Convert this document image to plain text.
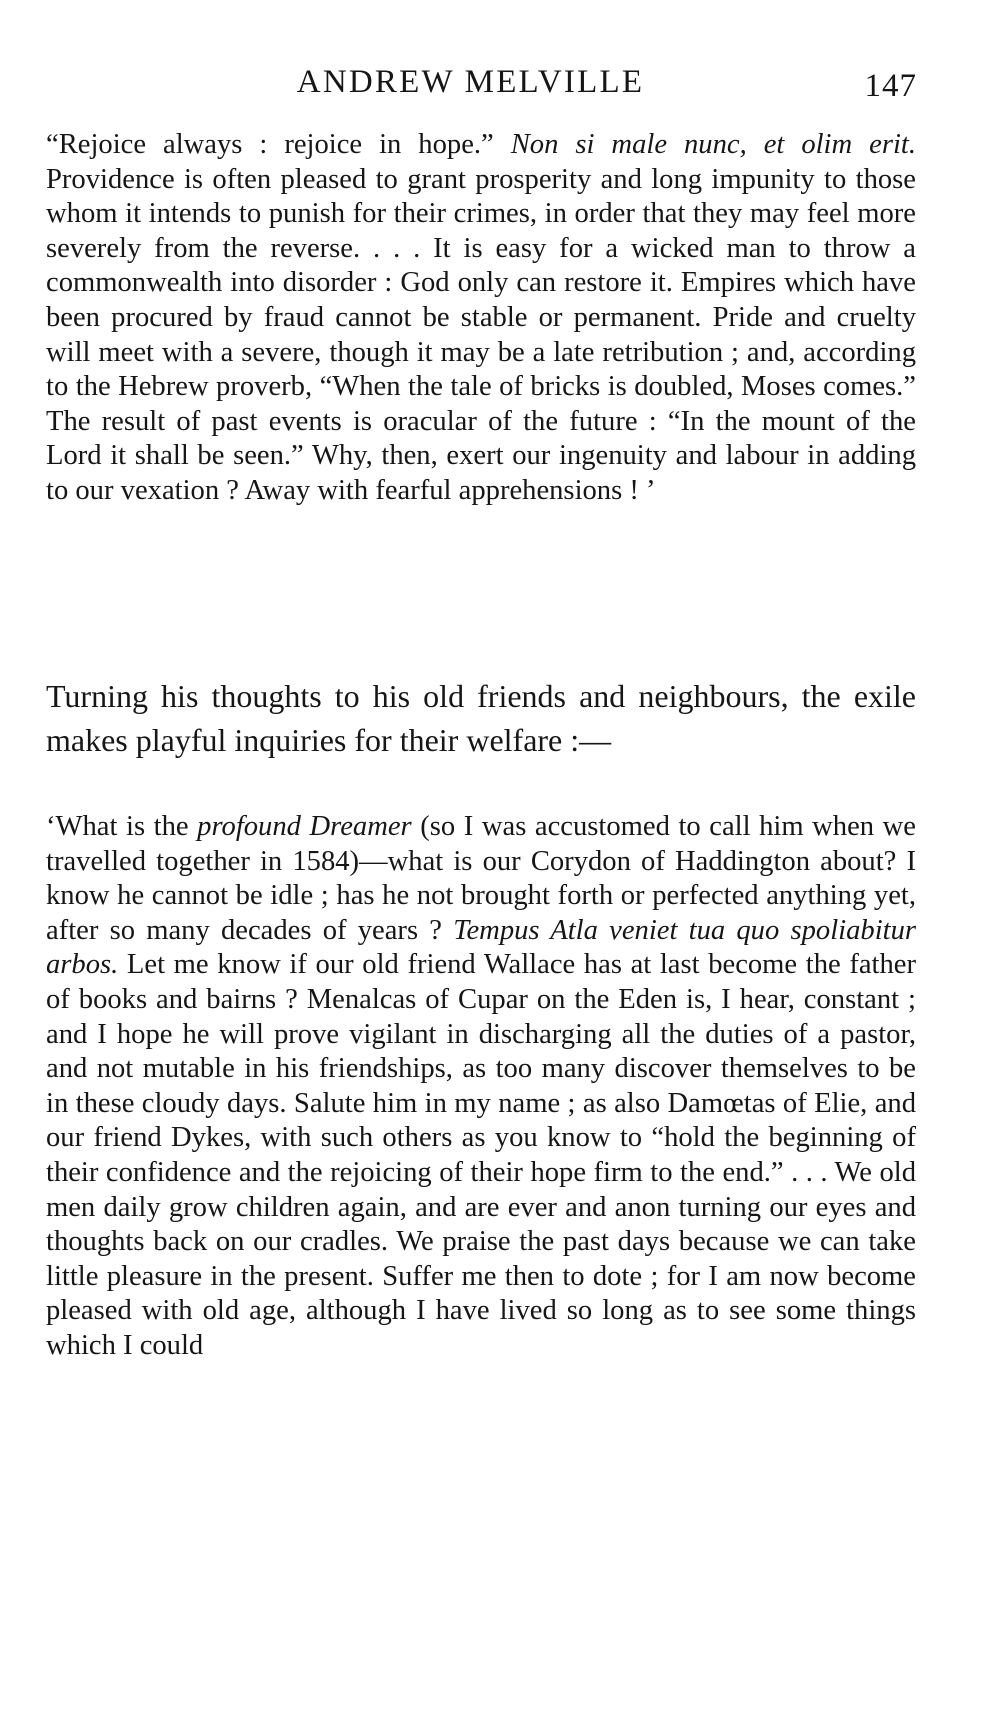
ANDREW MELVILLE	147

“Rejoice always : rejoice in hope.” Non si male nunc, et olim erit. Providence is often pleased to grant prosperity and long impunity to those whom it intends to punish for their crimes, in order that they may feel more severely from the reverse. . . . It is easy for a wicked man to throw a commonwealth into disorder : God only can restore it. Empires which have been procured by fraud cannot be stable or permanent. Pride and cruelty will meet with a severe, though it may be a late retribution ; and, according to the Hebrew proverb, “When the tale of bricks is doubled, Moses comes.” The result of past events is oracular of the future : “In the mount of the Lord it shall be seen.” Why, then, exert our ingenuity and labour in adding to our vexation ? Away with fearful apprehensions ! ’

Turning his thoughts to his old friends and neighbours, the exile makes playful inquiries for their welfare :—

‘What is the profound Dreamer (so I was accustomed to call him when we travelled together in 1584)—what is our Corydon of Haddington about? I know he cannot be idle ; has he not brought forth or perfected anything yet, after so many decades of years ? Tempus Atla veniet tua quo spoliabitur arbos. Let me know if our old friend Wallace has at last become the father of books and bairns ? Menalcas of Cupar on the Eden is, I hear, constant ; and I hope he will prove vigilant in discharging all the duties of a pastor, and not mutable in his friendships, as too many discover themselves to be in these cloudy days. Salute him in my name ; as also Damœtas of Elie, and our friend Dykes, with such others as you know to “hold the beginning of their confidence and the rejoicing of their hope firm to the end.” . . . We old men daily grow children again, and are ever and anon turning our eyes and thoughts back on our cradles. We praise the past days because we can take little pleasure in the present. Suffer me then to dote ; for I am now become pleased with old age, although I have lived so long as to see some things which I could
